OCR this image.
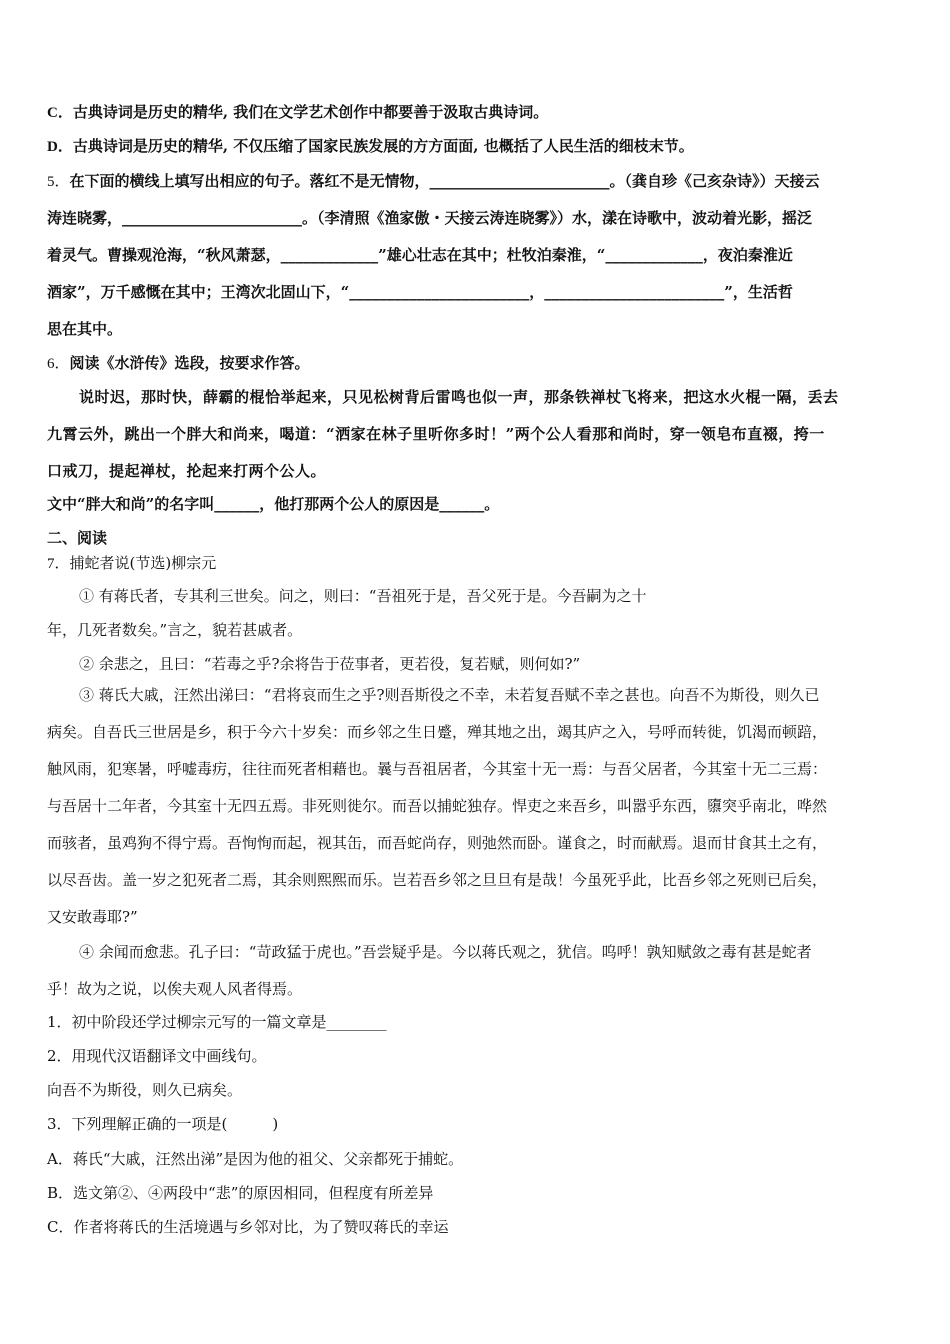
C．古典诗词是历史的精华, 我们在文学艺术创作中都要善于汲取古典诗词。

D．古典诗词是历史的精华, 不仅压缩了国家民族发展的方方面面, 也概括了人民生活的细枝末节。

5．在下面的横线上填写出相应的句子。落红不是无情物，________________________。（龚自珍《己亥杂诗》）天接云

涛连晓雾，________________________。（李清照《渔家傲・天接云涛连晓雾》）水，漾在诗歌中，波动着光影，摇泛

着灵气。曹操观沧海，“秋风萧瑟，_____________”雄心壮志在其中；杜牧泊秦淮，“_____________，夜泊秦淮近

酒家”，万千感慨在其中；王湾次北固山下，“________________________，________________________”，生活哲

思在其中。

6．阅读《水浒传》选段，按要求作答。

说时迟，那时快，薛霸的棍恰举起来，只见松树背后雷鸣也似一声，那条铁禅杖飞将来，把这水火棍一隔，丢去

九霄云外，跳出一个胖大和尚来，喝道：“洒家在林子里听你多时！”两个公人看那和尚时，穿一领皂布直裰，挎一

口戒刀，提起禅杖，抡起来打两个公人。

文中“胖大和尚”的名字叫______，他打那两个公人的原因是______。

二、阅读

7．捕蛇者说(节选)柳宗元

① 有蒋氏者，专其利三世矣。问之，则曰：“吾祖死于是，吾父死于是。今吾嗣为之十

年，几死者数矣。”言之，貌若甚戚者。

② 余悲之，且曰：“若毒之乎?余将告于莅事者，更若役，复若赋，则何如?”

③ 蒋氏大戚，汪然出涕曰：“君将哀而生之乎?则吾斯役之不幸，未若复吾赋不幸之甚也。向吾不为斯役，则久已

病矣。自吾氏三世居是乡，积于今六十岁矣：而乡邻之生日蹙，殚其地之出，竭其庐之入，号呼而转徙，饥渴而顿踣，

触风雨，犯寒暑，呼嘘毒疠，往往而死者相藉也。曩与吾祖居者，今其室十无一焉：与吾父居者，今其室十无二三焉：

与吾居十二年者，今其室十无四五焉。非死则徙尔。而吾以捕蛇独存。悍吏之来吾乡，叫嚣乎东西，隳突乎南北，哗然

而骇者，虽鸡狗不得宁焉。吾恂恂而起，视其缶，而吾蛇尚存，则弛然而卧。谨食之，时而献焉。退而甘食其土之有，

以尽吾齿。盖一岁之犯死者二焉，其余则熙熙而乐。岂若吾乡邻之旦旦有是哉！今虽死乎此，比吾乡邻之死则已后矣，

又安敢毒耶?”

④ 余闻而愈悲。孔子曰：“苛政猛于虎也。”吾尝疑乎是。今以蒋氏观之，犹信。呜呼！孰知赋敛之毒有甚是蛇者

乎！故为之说，以俟夫观人风者得焉。

1．初中阶段还学过柳宗元写的一篇文章是________

2．用现代汉语翻译文中画线句。

向吾不为斯役，则久已病矣。

3．下列理解正确的一项是(　　　)

A．蒋氏“大戚，汪然出涕”是因为他的祖父、父亲都死于捕蛇。

B．选文第②、④两段中“悲”的原因相同，但程度有所差异

C．作者将蒋氏的生活境遇与乡邻对比，为了赞叹蒋氏的幸运
